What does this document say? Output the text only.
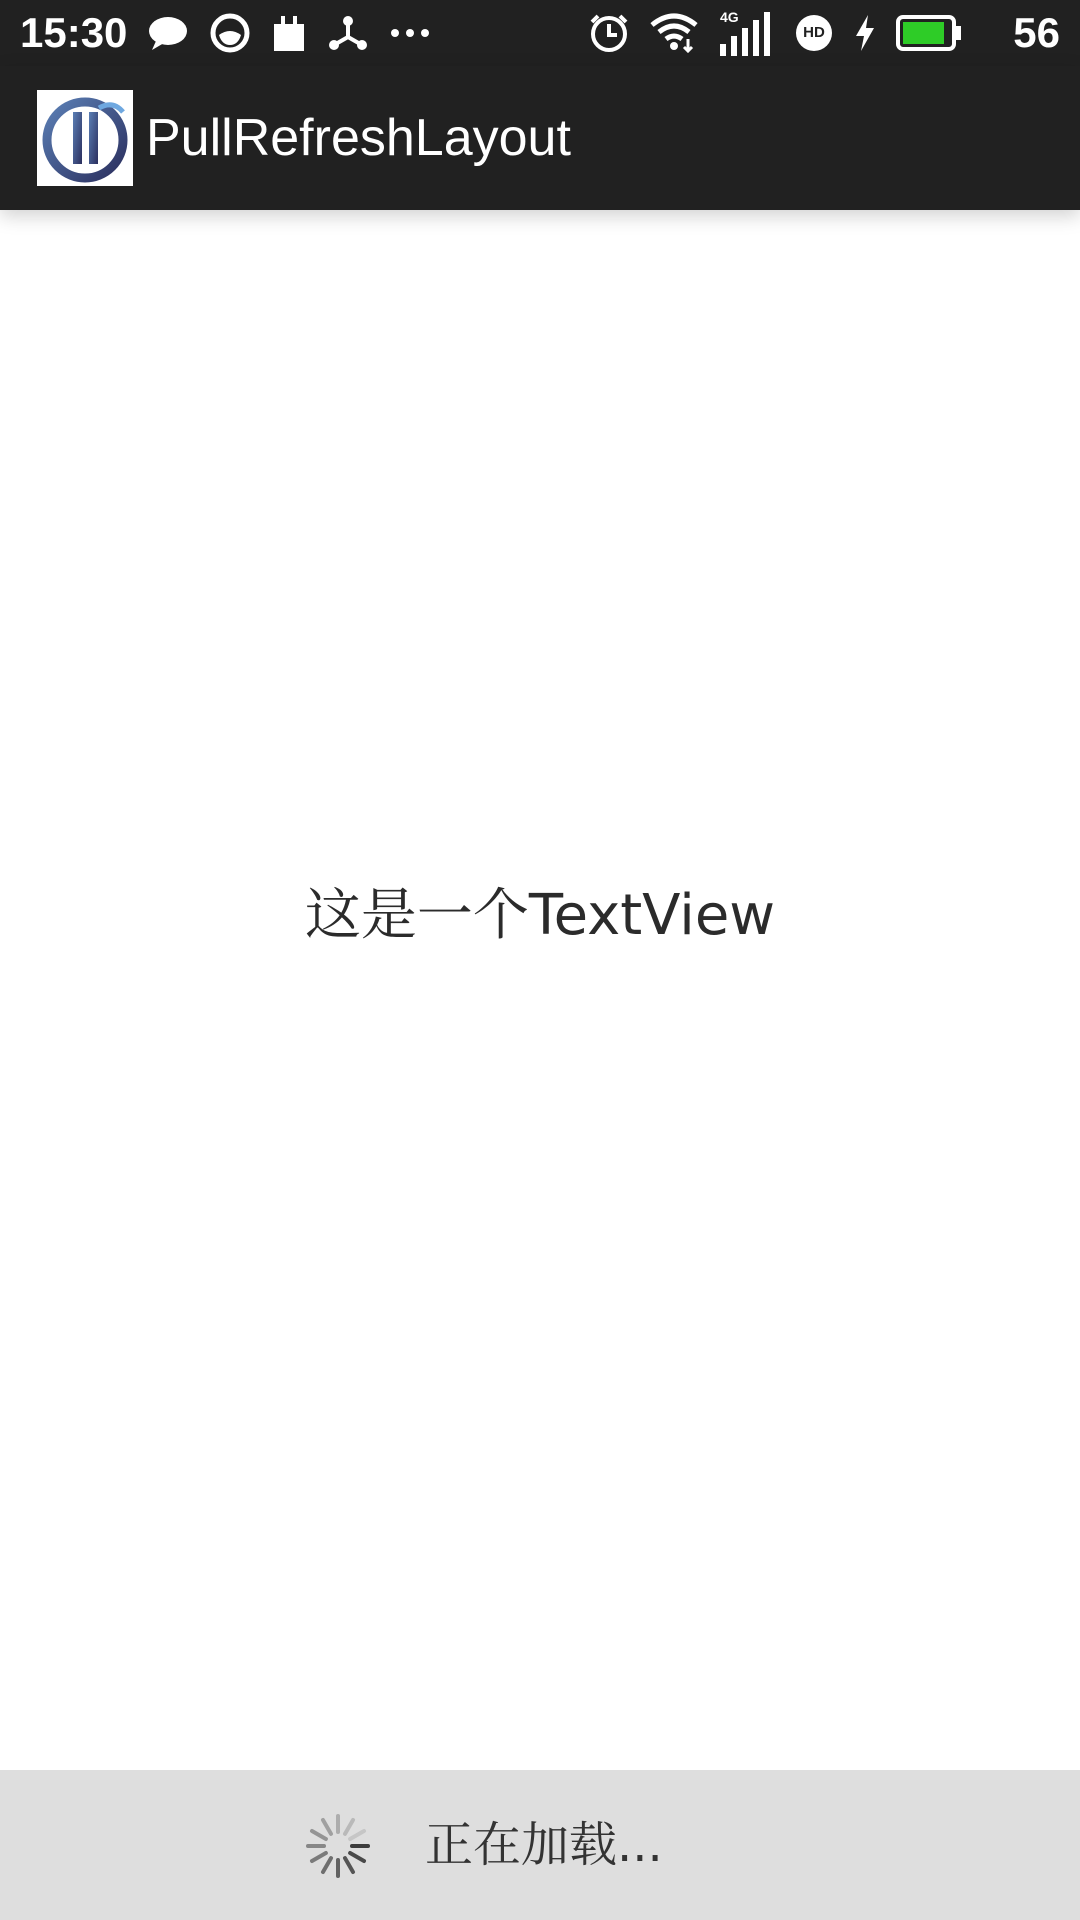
15:30	4G
HD	56
PullRefreshLayout
这是一个TextView
正在加载...
